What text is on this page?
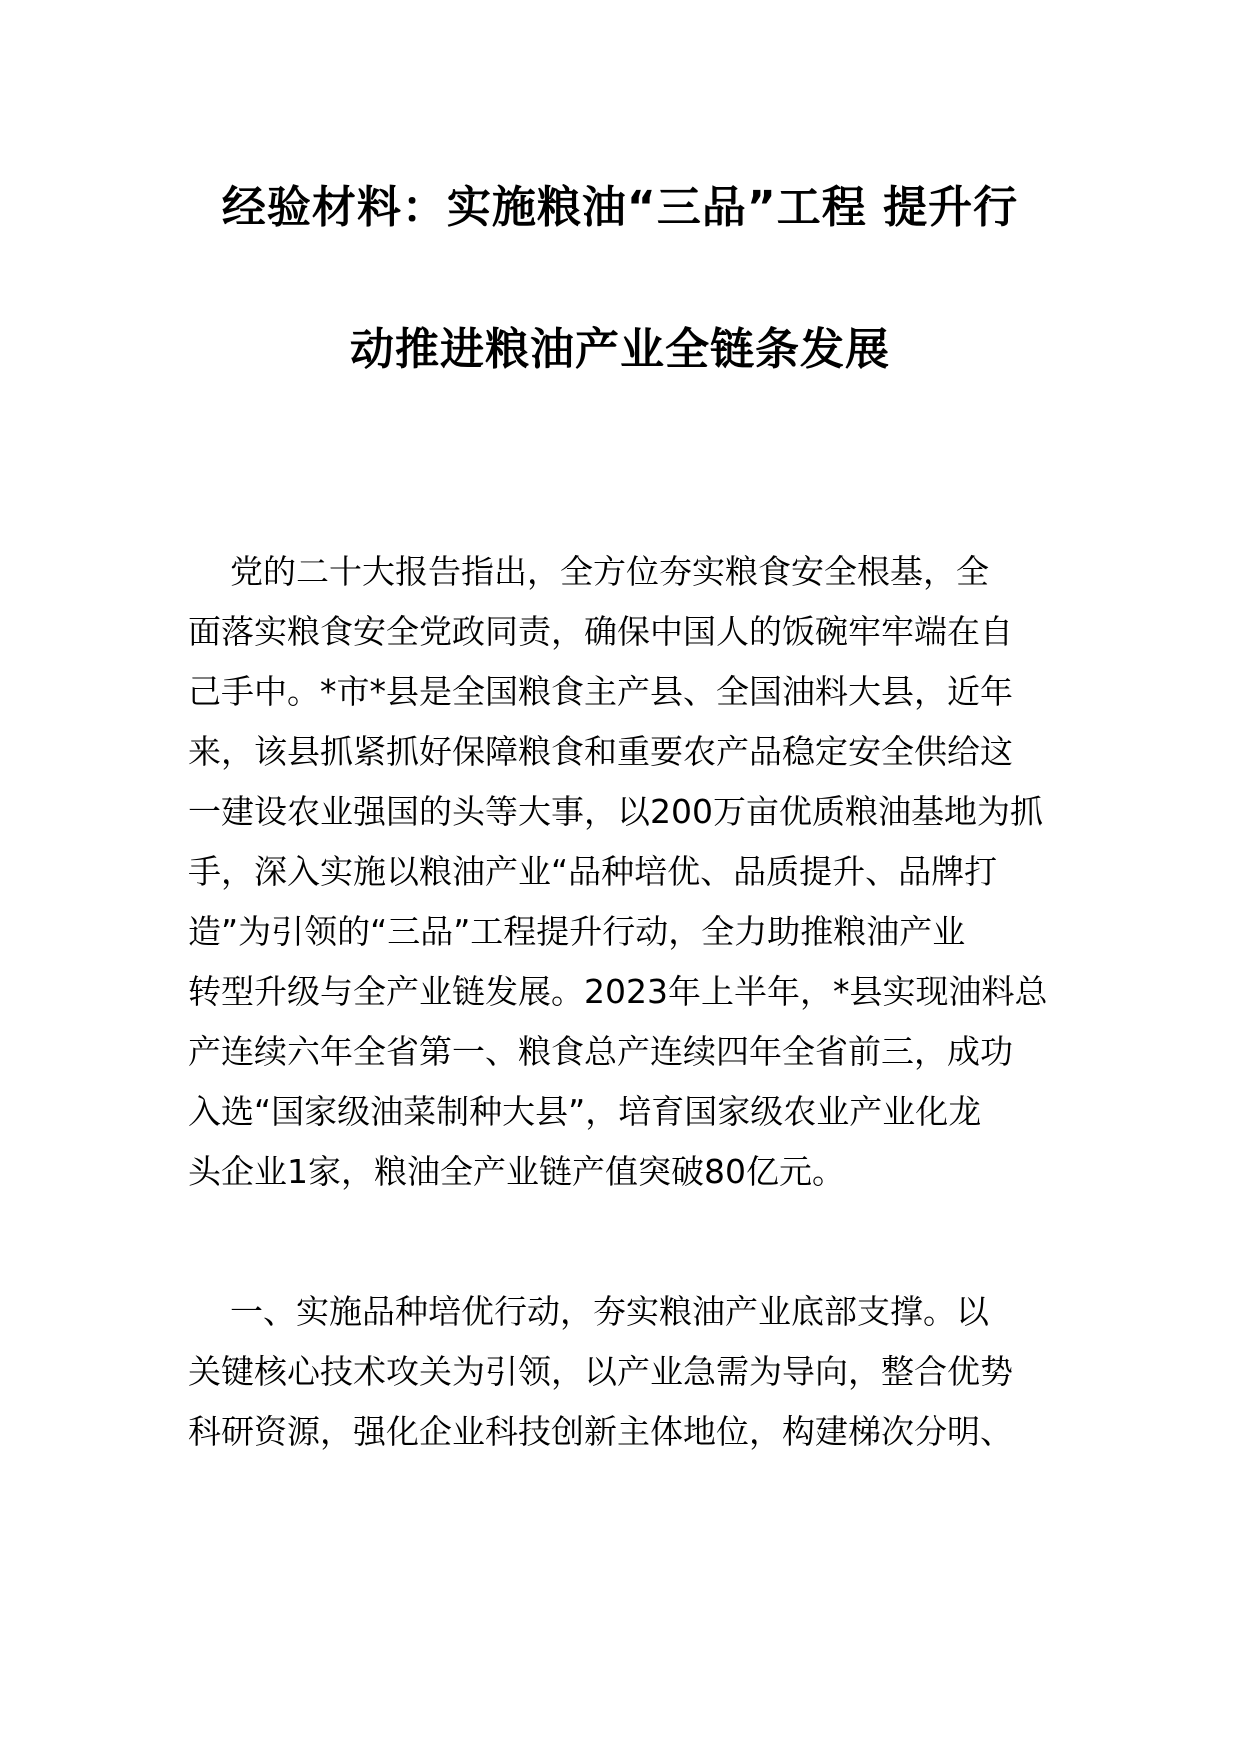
经验材料：实施粮油“三品”工程 提升行
动推进粮油产业全链条发展
党的二十大报告指出，全方位夯实粮食安全根基，全
面落实粮食安全党政同责，确保中国人的饭碗牢牢端在自
己手中。*市*县是全国粮食主产县、全国油料大县，近年
来，该县抓紧抓好保障粮食和重要农产品稳定安全供给这
一建设农业强国的头等大事，以200万亩优质粮油基地为抓
手，深入实施以粮油产业“品种培优、品质提升、品牌打
造”为引领的“三品”工程提升行动，全力助推粮油产业
转型升级与全产业链发展。2023年上半年，*县实现油料总
产连续六年全省第一、粮食总产连续四年全省前三，成功
入选“国家级油菜制种大县”，培育国家级农业产业化龙
头企业1家，粮油全产业链产值突破80亿元。
一、实施品种培优行动，夯实粮油产业底部支撑。以
关键核心技术攻关为引领，以产业急需为导向，整合优势
科研资源，强化企业科技创新主体地位，构建梯次分明、
